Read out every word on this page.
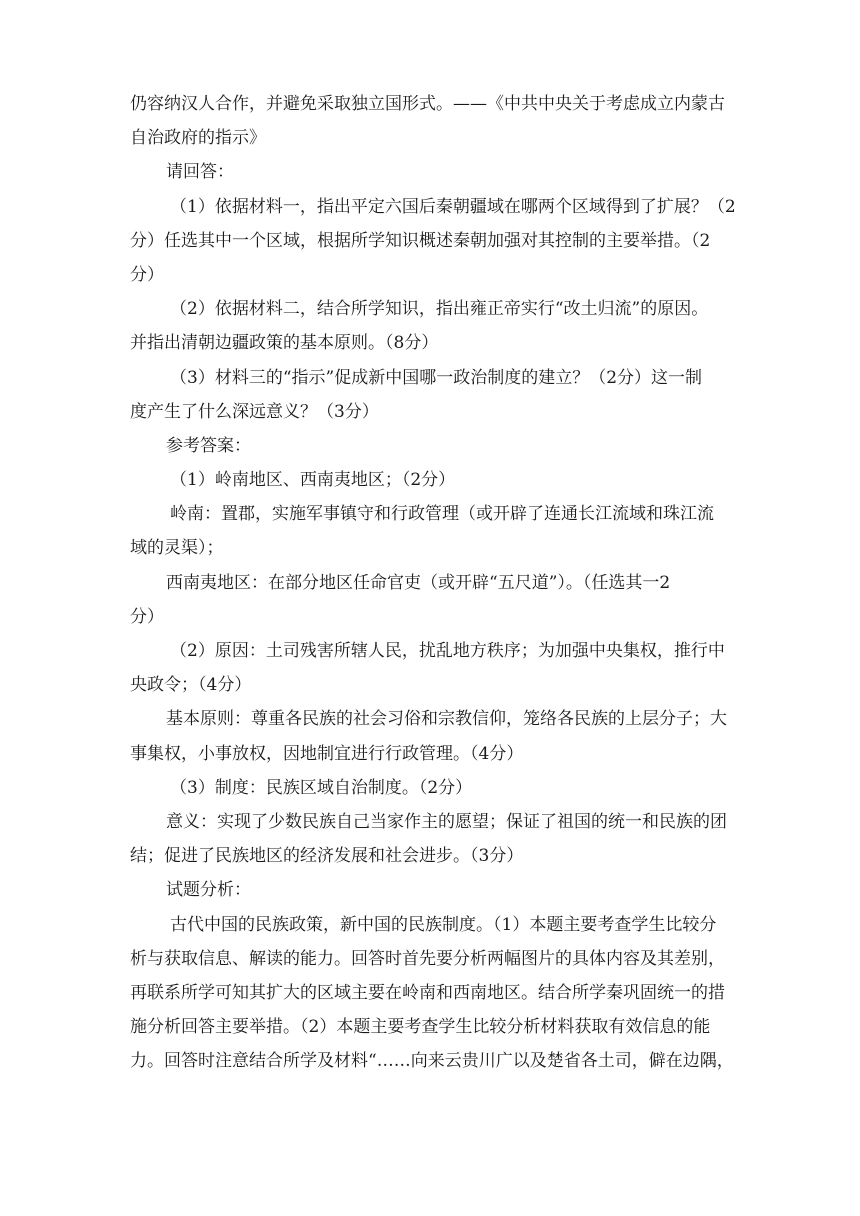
仍容纳汉人合作，并避免采取独立国形式。——《中共中央关于考虑成立内蒙古
自治政府的指示》
请回答：
（1）依据材料一，指出平定六国后秦朝疆域在哪两个区域得到了扩展？（2
分）任选其中一个区域，根据所学知识概述秦朝加强对其控制的主要举措。（2
分）
（2）依据材料二，结合所学知识，指出雍正帝实行“改土归流”的原因。
并指出清朝边疆政策的基本原则。（8分）
（3）材料三的“指示”促成新中国哪一政治制度的建立？（2分）这一制
度产生了什么深远意义？（3分）
参考答案：
（1）岭南地区、西南夷地区；（2分）
岭南：置郡，实施军事镇守和行政管理（或开辟了连通长江流域和珠江流
域的灵渠）；
西南夷地区：在部分地区任命官吏（或开辟“五尺道”）。（任选其一2
分）
（2）原因：土司残害所辖人民，扰乱地方秩序；为加强中央集权，推行中
央政令；（4分）
基本原则：尊重各民族的社会习俗和宗教信仰，笼络各民族的上层分子；大
事集权，小事放权，因地制宜进行行政管理。（4分）
（3）制度：民族区域自治制度。（2分）
意义：实现了少数民族自己当家作主的愿望；保证了祖国的统一和民族的团
结；促进了民族地区的经济发展和社会进步。（3分）
试题分析：
古代中国的民族政策，新中国的民族制度。（1）本题主要考查学生比较分
析与获取信息、解读的能力。回答时首先要分析两幅图片的具体内容及其差别，
再联系所学可知其扩大的区域主要在岭南和西南地区。结合所学秦巩固统一的措
施分析回答主要举措。（2）本题主要考查学生比较分析材料获取有效信息的能
力。回答时注意结合所学及材料“……向来云贵川广以及楚省各土司，僻在边隅，
